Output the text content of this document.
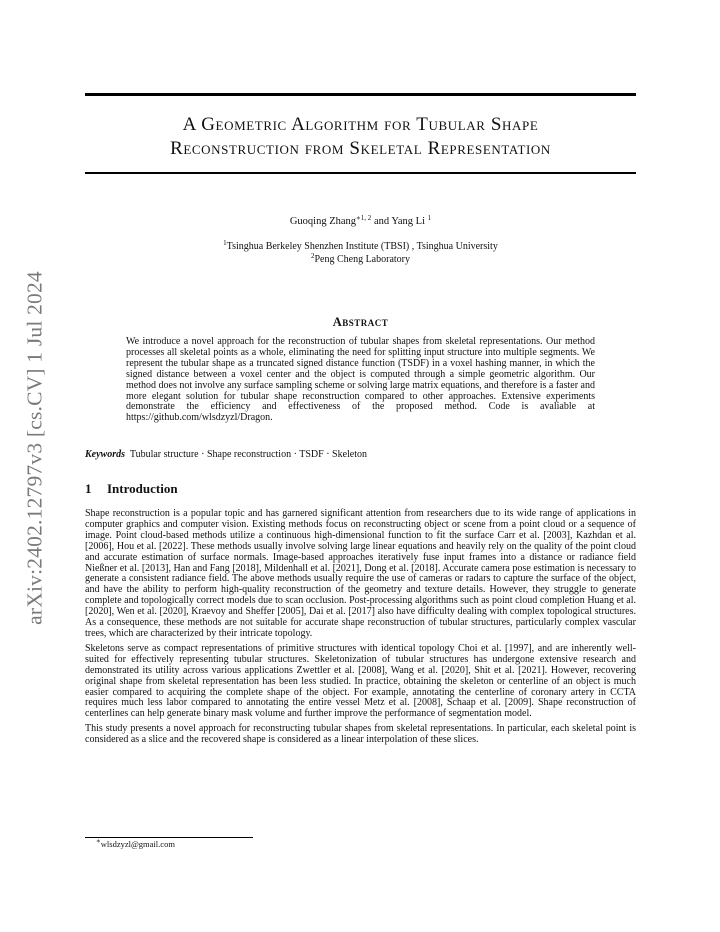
arXiv:2402.12797v3 [cs.CV] 1 Jul 2024
A Geometric Algorithm for Tubular Shape
Reconstruction from Skeletal Representation
Guoqing Zhang$^{∗1, 2}$ and Yang Li $^1$
$^1$Tsinghua Berkeley Shenzhen Institute (TBSI) , Tsinghua University
$^2$Peng Cheng Laboratory
Abstract
We introduce a novel approach for the reconstruction of tubular shapes from skeletal representations. Our method processes all skeletal points as a whole, eliminating the need for splitting input structure into multiple segments. We represent the tubular shape as a truncated signed distance function (TSDF) in a voxel hashing manner, in which the signed distance between a voxel center and the object is computed through a simple geometric algorithm. Our method does not involve any surface sampling scheme or solving large matrix equations, and therefore is a faster and more elegant solution for tubular shape reconstruction compared to other approaches. Extensive experiments demonstrate the efficiency and effectiveness of the proposed method. Code is avaliable at https://github.com/wlsdzyzl/Dragon.
Keywords Tubular structure · Shape reconstruction · TSDF · Skeleton
1 Introduction

Shape reconstruction is a popular topic and has garnered significant attention from researchers due to its wide range of applications in computer graphics and computer vision. Existing methods focus on reconstructing object or scene from a point cloud or a sequence of image. Point cloud-based methods utilize a continuous high-dimensional function to fit the surface Carr et al. [2003], Kazhdan et al. [2006], Hou et al. [2022]. These methods usually involve solving large linear equations and heavily rely on the quality of the point cloud and accurate estimation of surface normals. Image-based approaches iteratively fuse input frames into a distance or radiance field Nießner et al. [2013], Han and Fang [2018], Mildenhall et al. [2021], Dong et al. [2018]. Accurate camera pose estimation is necessary to generate a consistent radiance field. The above methods usually require the use of cameras or radars to capture the surface of the object, and have the ability to perform high-quality reconstruction of the geometry and texture details. However, they struggle to generate complete and topologically correct models due to scan occlusion. Post-processing algorithms such as point cloud completion Huang et al. [2020], Wen et al. [2020], Kraevoy and Sheffer [2005], Dai et al. [2017] also have difficulty dealing with complex topological structures. As a consequence, these methods are not suitable for accurate shape reconstruction of tubular structures, particularly complex vascular trees, which are characterized by their intricate topology.

Skeletons serve as compact representations of primitive structures with identical topology Choi et al. [1997], and are inherently well-suited for effectively representing tubular structures. Skeletonization of tubular structures has undergone extensive research and demonstrated its utility across various applications Zwettler et al. [2008], Wang et al. [2020], Shit et al. [2021]. However, recovering original shape from skeletal representation has been less studied. In practice, obtaining the skeleton or centerline of an object is much easier compared to acquiring the complete shape of the object. For example, annotating the centerline of coronary artery in CCTA requires much less labor compared to annotating the entire vessel Metz et al. [2008], Schaap et al. [2009]. Shape reconstruction of centerlines can help generate binary mask volume and further improve the performance of segmentation model.

This study presents a novel approach for reconstructing tubular shapes from skeletal representations. In particular, each skeletal point is considered as a slice and the recovered shape is considered as a linear interpolation of these slices.

∗wlsdzyzl@gmail.com
